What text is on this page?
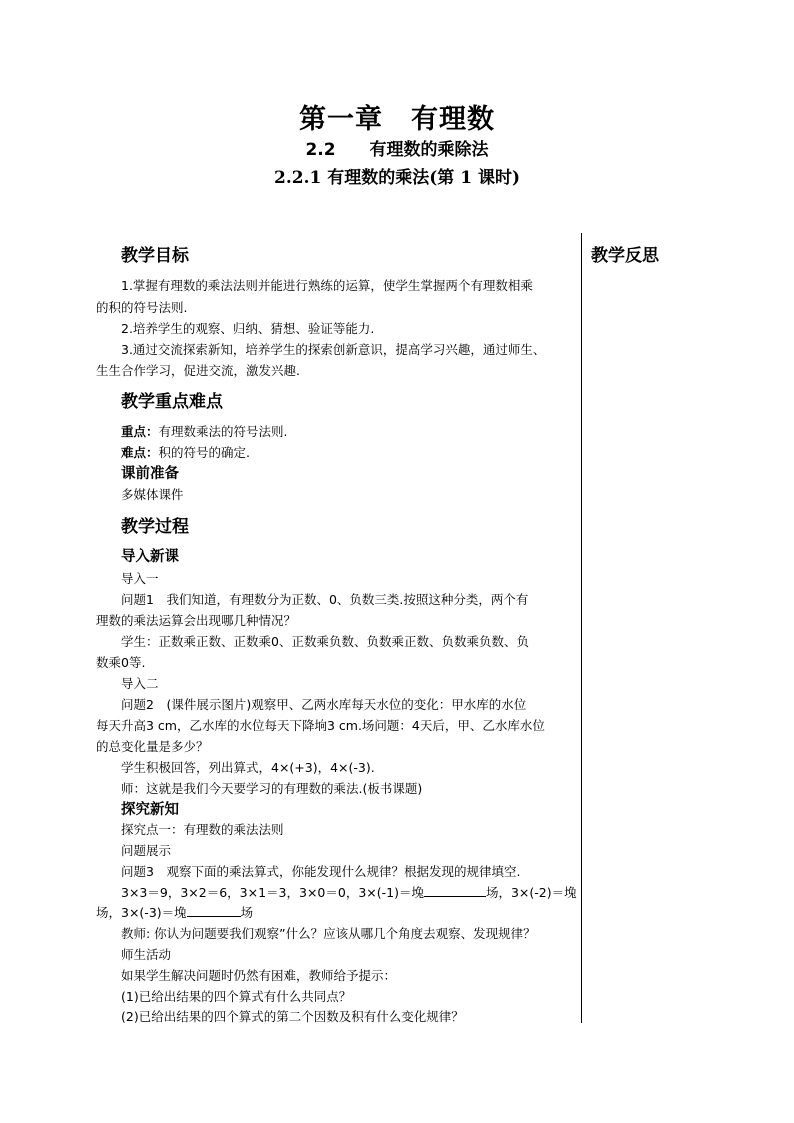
第一章　有理数
2.2　　有理数的乘除法
2.2.1 有理数的乘法(第 1 课时)
教学反思
教学目标
1.掌握有理数的乘法法则并能进行熟练的运算，使学生掌握两个有理数相乘
的积的符号法则.
2.培养学生的观察、归纳、猜想、验证等能力.
3.通过交流探索新知，培养学生的探索创新意识，提高学习兴趣，通过师生、
生生合作学习，促进交流，激发兴趣.
教学重点难点
重点：有理数乘法的符号法则.
难点：积的符号的确定.
课前准备
多媒体课件
教学过程
导入新课
导入一
问题1　我们知道，有理数分为正数、0、负数三类.按照这种分类，两个有
理数的乘法运算会出现哪几种情况？
学生：正数乘正数、正数乘0、正数乘负数、负数乘正数、负数乘负数、负
数乘0等.
导入二
问题2　(课件展示图片)观察甲、乙两水库每天水位的变化：甲水库的水位
每天升高3 cm，乙水库的水位每天下降垧3 cm.场问题：4天后，甲、乙水库水位
的总变化量是多少？
学生积极回答，列出算式，4×(+3)，4×(-3).
师：这就是我们今天要学习的有理数的乘法.(板书课题)
探究新知
探究点一：有理数的乘法法则
问题展示
问题3　观察下面的乘法算式，你能发现什么规律？根据发现的规律填空.
3×3＝9，3×2＝6，3×1＝3，3×0＝0，3×(-1)＝堍	场，3×(-2)＝堍
场，3×(-3)＝堍	场
教师: 你认为问题要我们观察”什么？应该从哪几个角度去观察、发现规律？
师生活动
如果学生解决问题时仍然有困难，教师给予提示：
(1)已给出结果的四个算式有什么共同点？
(2)已给出结果的四个算式的第二个因数及积有什么变化规律？
